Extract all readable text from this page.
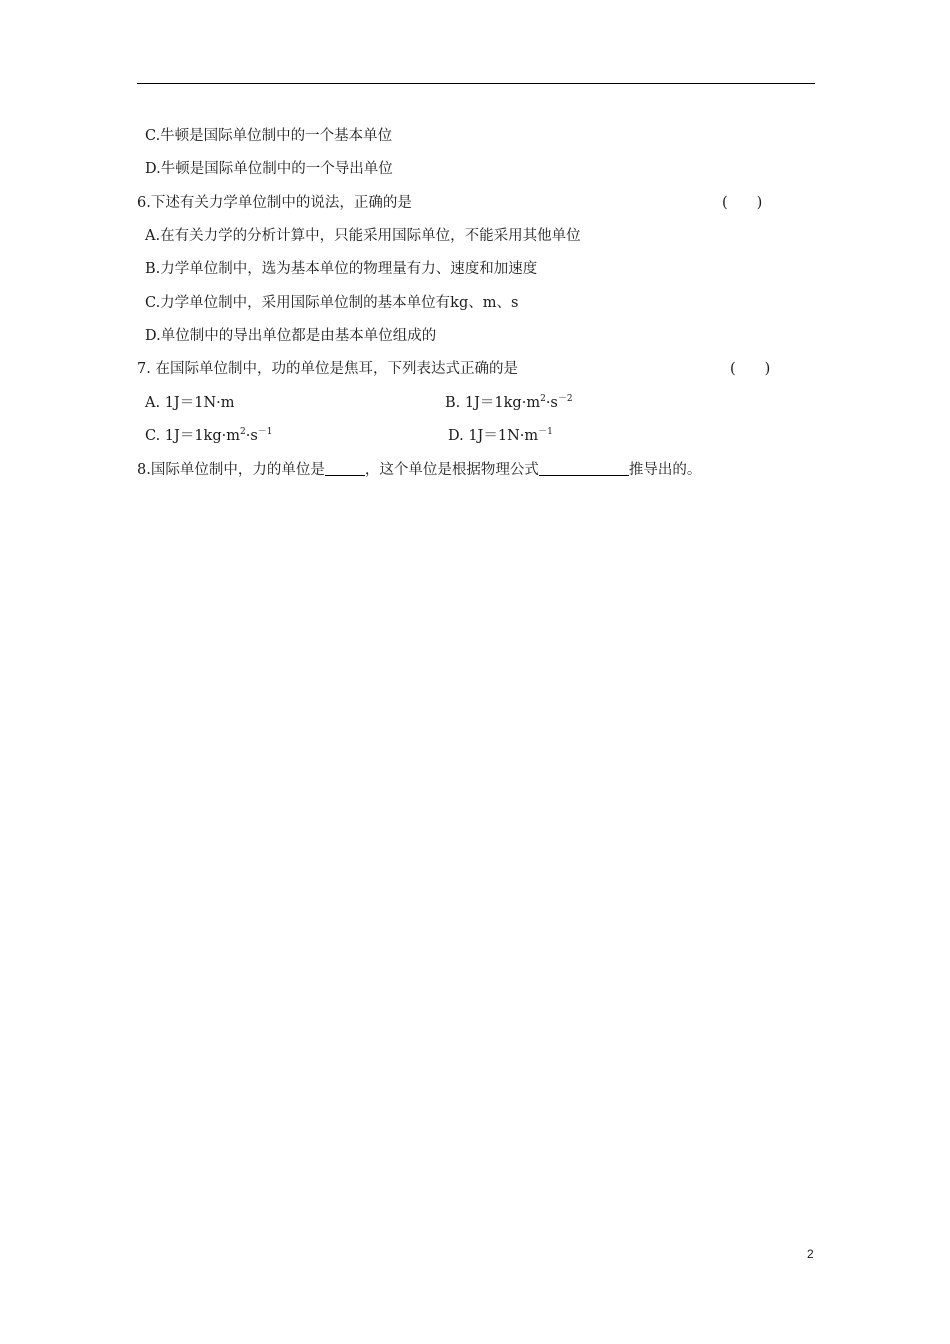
C.牛顿是国际单位制中的一个基本单位
D.牛顿是国际单位制中的一个导出单位
6.下述有关力学单位制中的说法，正确的是	(　　)
A.在有关力学的分析计算中，只能采用国际单位，不能采用其他单位
B.力学单位制中，选为基本单位的物理量有力、速度和加速度
C.力学单位制中，采用国际单位制的基本单位有kg、m、s
D.单位制中的导出单位都是由基本单位组成的
7. 在国际单位制中，功的单位是焦耳，下列表达式正确的是	(　　)
A. 1J＝1N·m	B. $1J=1kg\cdot m^2\cdot s^{-2}$
C. $1J=1kg\cdot m^2\cdot s^{-1}$	D. $1J=1N\cdot m^{-1}$
8.国际单位制中，力的单位是	，这个单位是根据物理公式	推导出的。
2
